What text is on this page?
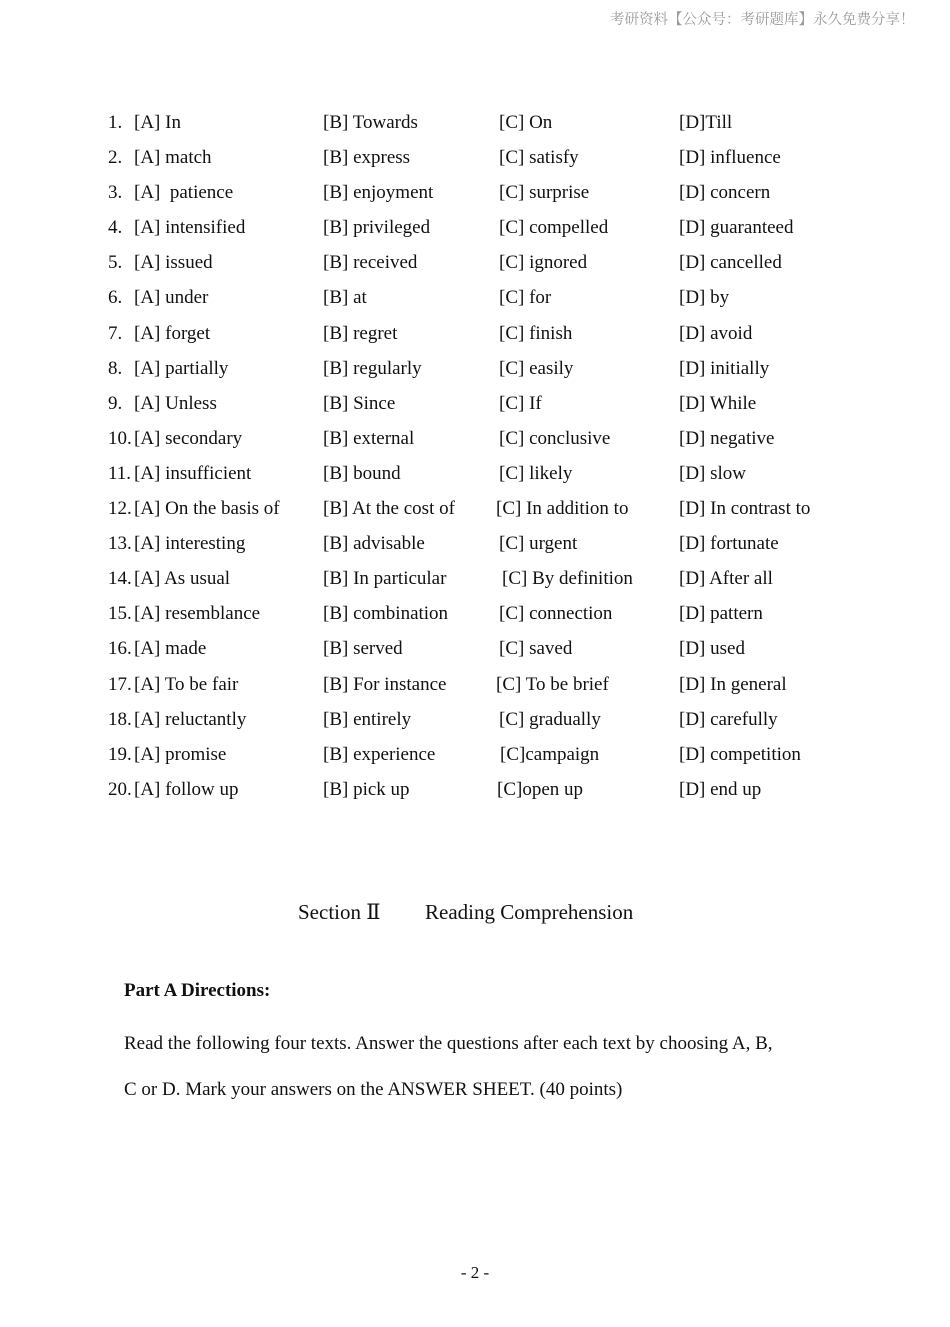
考研资料【公众号：考研题库】永久免费分享！
1. [A] In	[B] Towards	[C] On	[D]Till
2. [A] match	[B] express	[C] satisfy	[D] influence
3. [A]  patience	[B] enjoyment	[C] surprise	[D] concern
4. [A] intensified	[B] privileged	[C] compelled	[D] guaranteed
5. [A] issued	[B] received	[C] ignored	[D] cancelled
6. [A] under	[B] at	[C] for	[D] by
7. [A] forget	[B] regret	[C] finish	[D] avoid
8. [A] partially	[B] regularly	[C] easily	[D] initially
9. [A] Unless	[B] Since	[C] If	[D] While
10. [A] secondary	[B] external	[C] conclusive	[D] negative
11. [A] insufficient	[B] bound	[C] likely	[D] slow
12. [A] On the basis of [B] At the cost of [C] In addition to	[D] In contrast to
13. [A] interesting	[B] advisable	[C] urgent	[D] fortunate
14. [A] As usual	[B] In particular	[C] By definition [D] After all
15. [A] resemblance	[B] combination	[C] connection	[D] pattern
16. [A] made	[B] served	[C] saved	[D] used
17. [A] To be fair	[B] For instance	[C] To be brief	[D] In general
18. [A] reluctantly	[B] entirely	[C] gradually	[D] carefully
19. [A] promise	[B] experience	[C]campaign	[D] competition
20. [A] follow up	[B] pick up	[C]open up	[D] end up
Section Ⅱ Reading Comprehension
Part A Directions:
Read the following four texts. Answer the questions after each text by choosing A, B,
C or D. Mark your answers on the ANSWER SHEET. (40 points)
- 2 -
